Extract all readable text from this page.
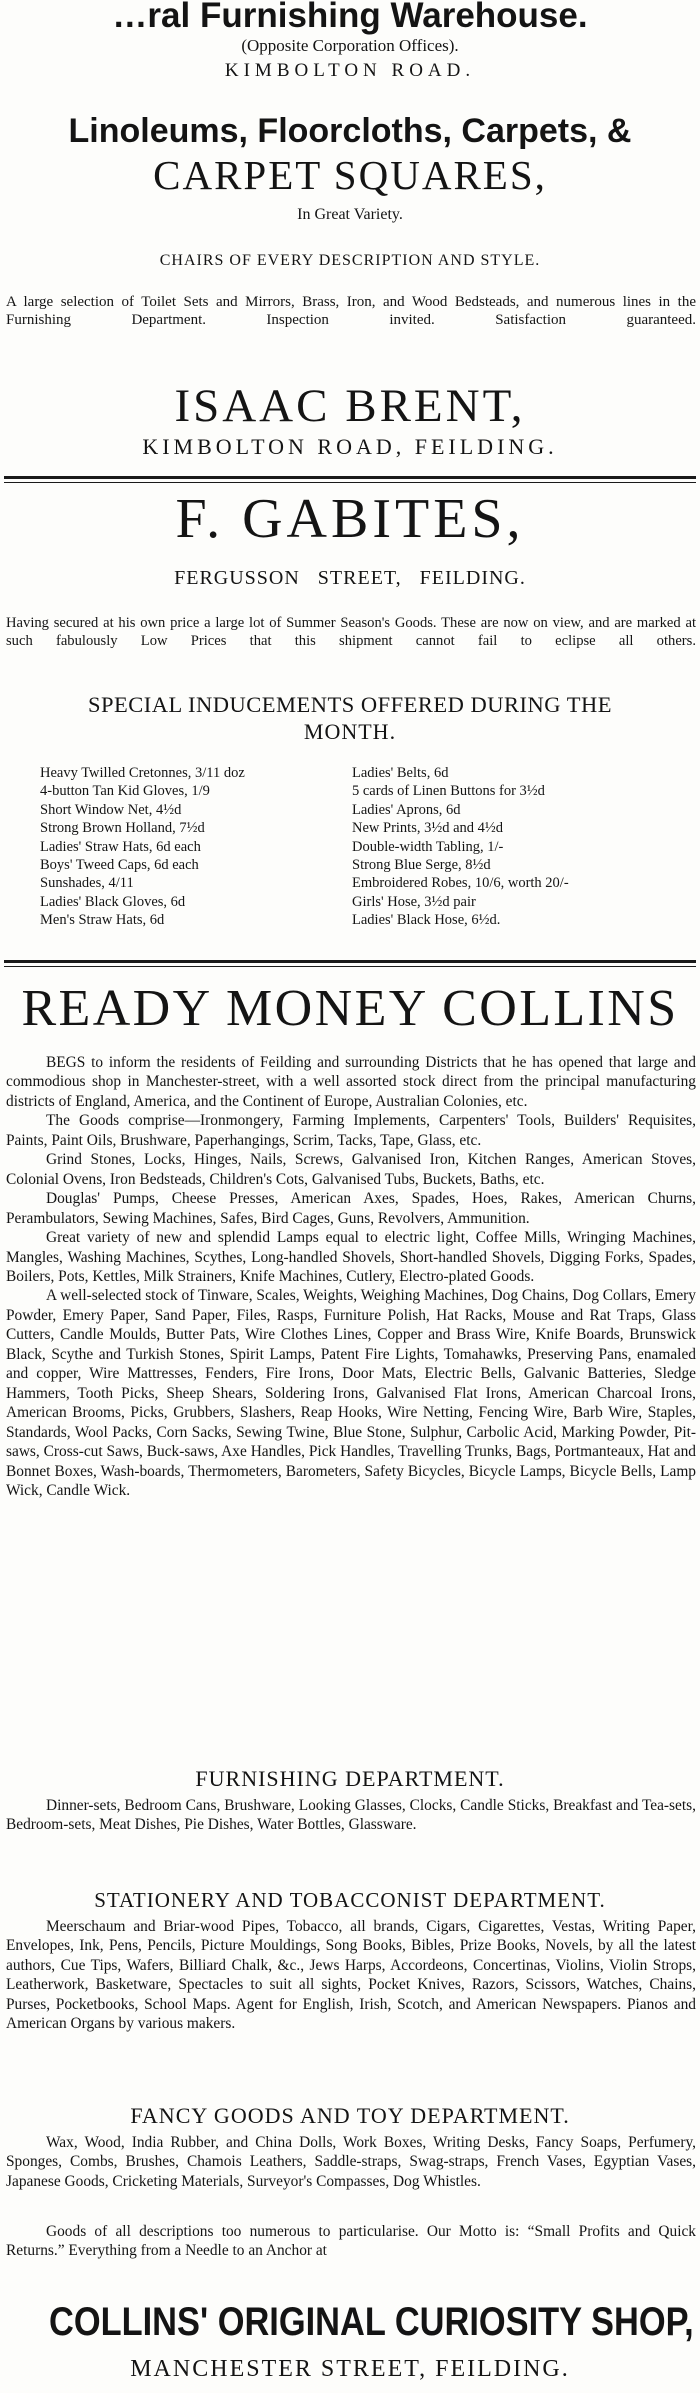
…ral Furnishing Warehouse.
(Opposite Corporation Offices).
KIMBOLTON ROAD.
Linoleums, Floorcloths, Carpets, &
CARPET SQUARES,
In Great Variety.
CHAIRS OF EVERY DESCRIPTION AND STYLE.
A large selection of Toilet Sets and Mirrors, Brass, Iron, and Wood Bedsteads, and numerous lines in the Furnishing Department. Inspection invited. Satisfaction guaranteed.
ISAAC BRENT,
KIMBOLTON ROAD, FEILDING.
F. GABITES,
FERGUSSON STREET, FEILDING.
Having secured at his own price a large lot of Summer Season's Goods. These are now on view, and are marked at such fabulously Low Prices that this shipment cannot fail to eclipse all others.
SPECIAL INDUCEMENTS OFFERED DURING THE
MONTH.
Heavy Twilled Cretonnes, 3/11 doz
4-button Tan Kid Gloves, 1/9
Short Window Net, 4½d
Strong Brown Holland, 7½d
Ladies' Straw Hats, 6d each
Boys' Tweed Caps, 6d each
Sunshades, 4/11
Ladies' Black Gloves, 6d
Men's Straw Hats, 6d
Ladies' Belts, 6d
5 cards of Linen Buttons for 3½d
Ladies' Aprons, 6d
New Prints, 3½d and 4½d
Double-width Tabling, 1/-
Strong Blue Serge, 8½d
Embroidered Robes, 10/6, worth 20/-
Girls' Hose, 3½d pair
Ladies' Black Hose, 6½d.
READY MONEY COLLINS

BEGS to inform the residents of Feilding and surrounding Districts that he has opened that large and commodious shop in Manchester-street, with a well assorted stock direct from the principal manufacturing districts of England, America, and the Continent of Europe, Australian Colonies, etc.

The Goods comprise—Ironmongery, Farming Implements, Carpenters' Tools, Builders' Requisites, Paints, Paint Oils, Brushware, Paperhangings, Scrim, Tacks, Tape, Glass, etc.

Grind Stones, Locks, Hinges, Nails, Screws, Galvanised Iron, Kitchen Ranges, American Stoves, Colonial Ovens, Iron Bedsteads, Children's Cots, Galvanised Tubs, Buckets, Baths, etc.

Douglas' Pumps, Cheese Presses, American Axes, Spades, Hoes, Rakes, American Churns, Perambulators, Sewing Machines, Safes, Bird Cages, Guns, Revolvers, Ammunition.

Great variety of new and splendid Lamps equal to electric light, Coffee Mills, Wringing Machines, Mangles, Washing Machines, Scythes, Long-handled Shovels, Short-handled Shovels, Digging Forks, Spades, Boilers, Pots, Kettles, Milk Strainers, Knife Machines, Cutlery, Electro-plated Goods.

A well-selected stock of Tinware, Scales, Weights, Weighing Machines, Dog Chains, Dog Collars, Emery Powder, Emery Paper, Sand Paper, Files, Rasps, Furniture Polish, Hat Racks, Mouse and Rat Traps, Glass Cutters, Candle Moulds, Butter Pats, Wire Clothes Lines, Copper and Brass Wire, Knife Boards, Brunswick Black, Scythe and Turkish Stones, Spirit Lamps, Patent Fire Lights, Tomahawks, Preserving Pans, enamaled and copper, Wire Mattresses, Fenders, Fire Irons, Door Mats, Electric Bells, Galvanic Batteries, Sledge Hammers, Tooth Picks, Sheep Shears, Soldering Irons, Galvanised Flat Irons, American Charcoal Irons, American Brooms, Picks, Grubbers, Slashers, Reap Hooks, Wire Netting, Fencing Wire, Barb Wire, Staples, Standards, Wool Packs, Corn Sacks, Sewing Twine, Blue Stone, Sulphur, Carbolic Acid, Marking Powder, Pit-saws, Cross-cut Saws, Buck-saws, Axe Handles, Pick Handles, Travelling Trunks, Bags, Portmanteaux, Hat and Bonnet Boxes, Wash-boards, Thermometers, Barometers, Safety Bicycles, Bicycle Lamps, Bicycle Bells, Lamp Wick, Candle Wick.

FURNISHING DEPARTMENT.

Dinner-sets, Bedroom Cans, Brushware, Looking Glasses, Clocks, Candle Sticks, Breakfast and Tea-sets, Bedroom-sets, Meat Dishes, Pie Dishes, Water Bottles, Glassware.

STATIONERY AND TOBACCONIST DEPARTMENT.

Meerschaum and Briar-wood Pipes, Tobacco, all brands, Cigars, Cigarettes, Vestas, Writing Paper, Envelopes, Ink, Pens, Pencils, Picture Mouldings, Song Books, Bibles, Prize Books, Novels, by all the latest authors, Cue Tips, Wafers, Billiard Chalk, &c., Jews Harps, Accordeons, Concertinas, Violins, Violin Strops, Leatherwork, Basketware, Spectacles to suit all sights, Pocket Knives, Razors, Scissors, Watches, Chains, Purses, Pocketbooks, School Maps. Agent for English, Irish, Scotch, and American Newspapers. Pianos and American Organs by various makers.

FANCY GOODS AND TOY DEPARTMENT.

Wax, Wood, India Rubber, and China Dolls, Work Boxes, Writing Desks, Fancy Soaps, Perfumery, Sponges, Combs, Brushes, Chamois Leathers, Saddle-straps, Swag-straps, French Vases, Egyptian Vases, Japanese Goods, Cricketing Materials, Surveyor's Compasses, Dog Whistles.

Goods of all descriptions too numerous to particularise. Our Motto is: “Small Profits and Quick Returns.” Everything from a Needle to an Anchor at

COLLINS' ORIGINAL CURIOSITY SHOP,
MANCHESTER STREET, FEILDING.
